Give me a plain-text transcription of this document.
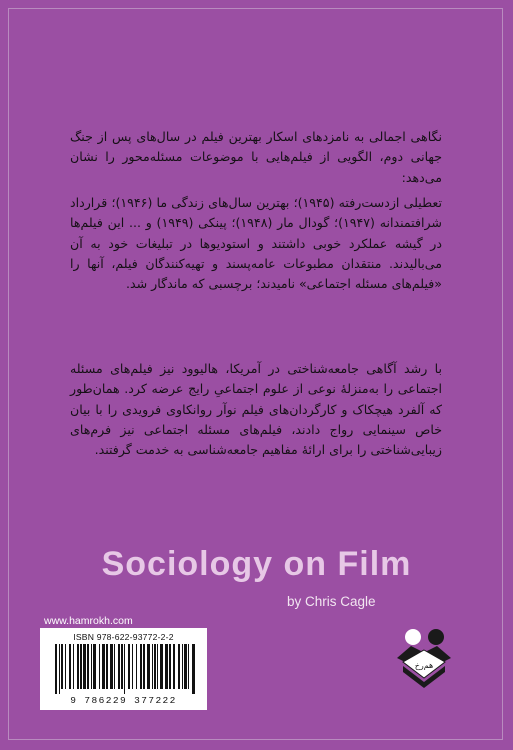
نگاهی اجمالی به نامزدهای اسکار بهترین فیلم در سال‌های پس از جنگ جهانی دوم، الگویی از فیلم‌هایی با موضوعات مسئله‌محور را نشان می‌دهد:

تعطیلی ازدست‌رفته (۱۹۴۵)؛ بهترین سال‌های زندگی ما (۱۹۴۶)؛ قرارداد شرافتمندانه (۱۹۴۷)؛ گودال مار (۱۹۴۸)؛ پینکی (۱۹۴۹) و ... این فیلم‌ها در گیشه عملکرد خوبی داشتند و استودیوها در تبلیغات خود به آن می‌بالیدند. منتقدان مطبوعات عامه‌پسند و تهیه‌کنندگان فیلم، آنها را «فیلم‌های مسئله اجتماعی» نامیدند؛ برچسبی که ماندگار شد.

با رشد آگاهی جامعه‌شناختی در آمریکا، هالیوود نیز فیلم‌های مسئله اجتماعی را به‌منزلهٔ نوعی از علوم اجتماعیِ رایج عرضه کرد. همان‌طور که آلفرد هیچکاک و کارگردان‌های فیلم نوآر روانکاوی فرویدی را با بیان خاص سینمایی رواج دادند، فیلم‌های مسئله اجتماعی نیز فرم‌های زیبایی‌شناختی را برای ارائهٔ مفاهیم جامعه‌شناسی به خدمت گرفتند.

Sociology on Film
by Chris Cagle
www.hamrokh.com
ISBN 978-622-93772-2-2
9 786229 377222
هم‌رخ
